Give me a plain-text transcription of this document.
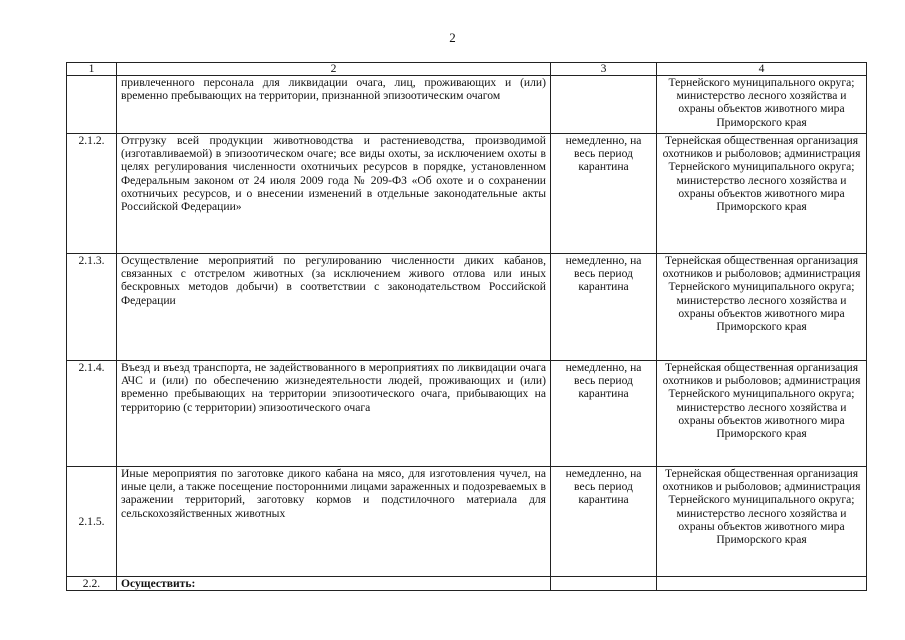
2
1	2	3	4
	привлеченного персонала для ликвидации очага, лиц, проживающих и (или) временно пребывающих на территории, признанной эпизоотическим очагом		Тернейского муниципального округа; министерство лесного хозяйства и охраны объектов животного мира Приморского края
2.1.2.	Отгрузку всей продукции животноводства и растениеводства, производимой (изготавливаемой) в эпизоотическом очаге; все виды охоты, за исключением охоты в целях регулирования численности охотничьих ресурсов в порядке, установленном Федеральным законом от 24 июля 2009 года № 209-ФЗ «Об охоте и о сохранении охотничьих ресурсов, и о внесении изменений в отдельные законодательные акты Российской Федерации»	немедленно, на весь период карантина	Тернейская общественная организация охотников и рыболовов; администрация Тернейского муниципального округа; министерство лесного хозяйства и охраны объектов животного мира Приморского края
2.1.3.	Осуществление мероприятий по регулированию численности диких кабанов, связанных с отстрелом животных (за исключением живого отлова или иных бескровных методов добычи) в соответствии с законодательством Российской Федерации	немедленно, на весь период карантина	Тернейская общественная организация охотников и рыболовов; администрация Тернейского муниципального округа; министерство лесного хозяйства и охраны объектов животного мира Приморского края
2.1.4.	Въезд и въезд транспорта, не задействованного в мероприятиях по ликвидации очага АЧС и (или) по обеспечению жизнедеятельности людей, проживающих и (или) временно пребывающих на территории эпизоотического очага, прибывающих на территорию (с территории) эпизоотического очага	немедленно, на весь период карантина	Тернейская общественная организация охотников и рыболовов; администрация Тернейского муниципального округа; министерство лесного хозяйства и охраны объектов животного мира Приморского края
2.1.5.	Иные мероприятия по заготовке дикого кабана на мясо, для изготовления чучел, на иные цели, а также посещение посторонними лицами зараженных и подозреваемых в заражении территорий, заготовку кормов и подстилочного материала для сельскохозяйственных животных	немедленно, на весь период карантина	Тернейская общественная организация охотников и рыболовов; администрация Тернейского муниципального округа; министерство лесного хозяйства и охраны объектов животного мира Приморского края
2.2.	Осуществить:		
